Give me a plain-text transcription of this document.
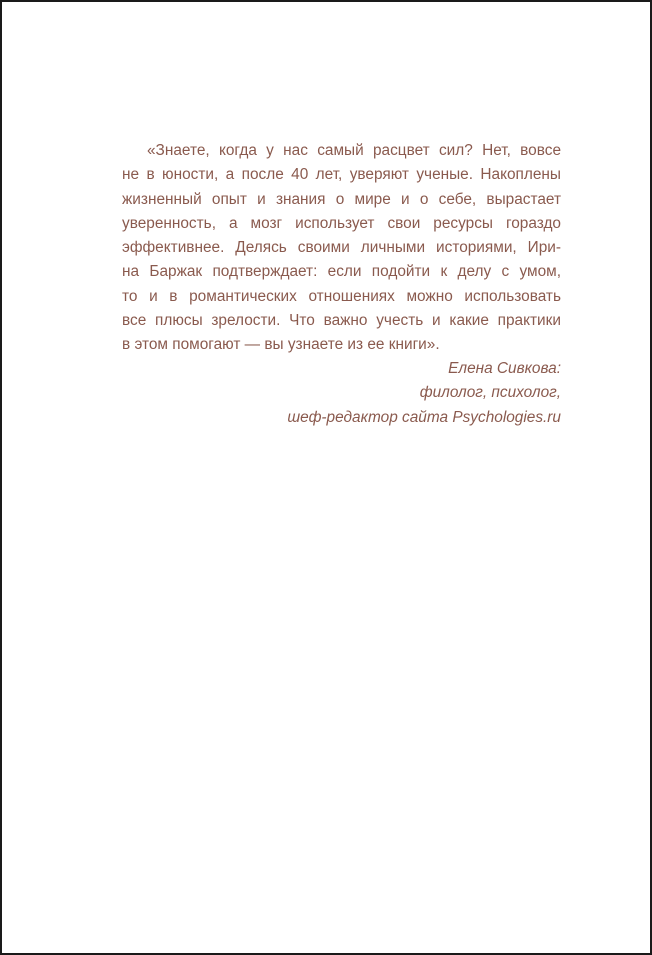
«Знаете, когда у нас самый расцвет сил? Нет, вовсе
не в юности, а после 40 лет, уверяют ученые. Накоплены
жизненный опыт и знания о мире и о себе, вырастает
уверенность, а мозг использует свои ресурсы гораздо
эффективнее. Делясь своими личными историями, Ири-
на Баржак подтверждает: если подойти к делу с умом,
то и в романтических отношениях можно использовать
все плюсы зрелости. Что важно учесть и какие практики
в этом помогают — вы узнаете из ее книги».
Елена Сивкова:
филолог, психолог,
шеф-редактор сайта Psychologies.ru
